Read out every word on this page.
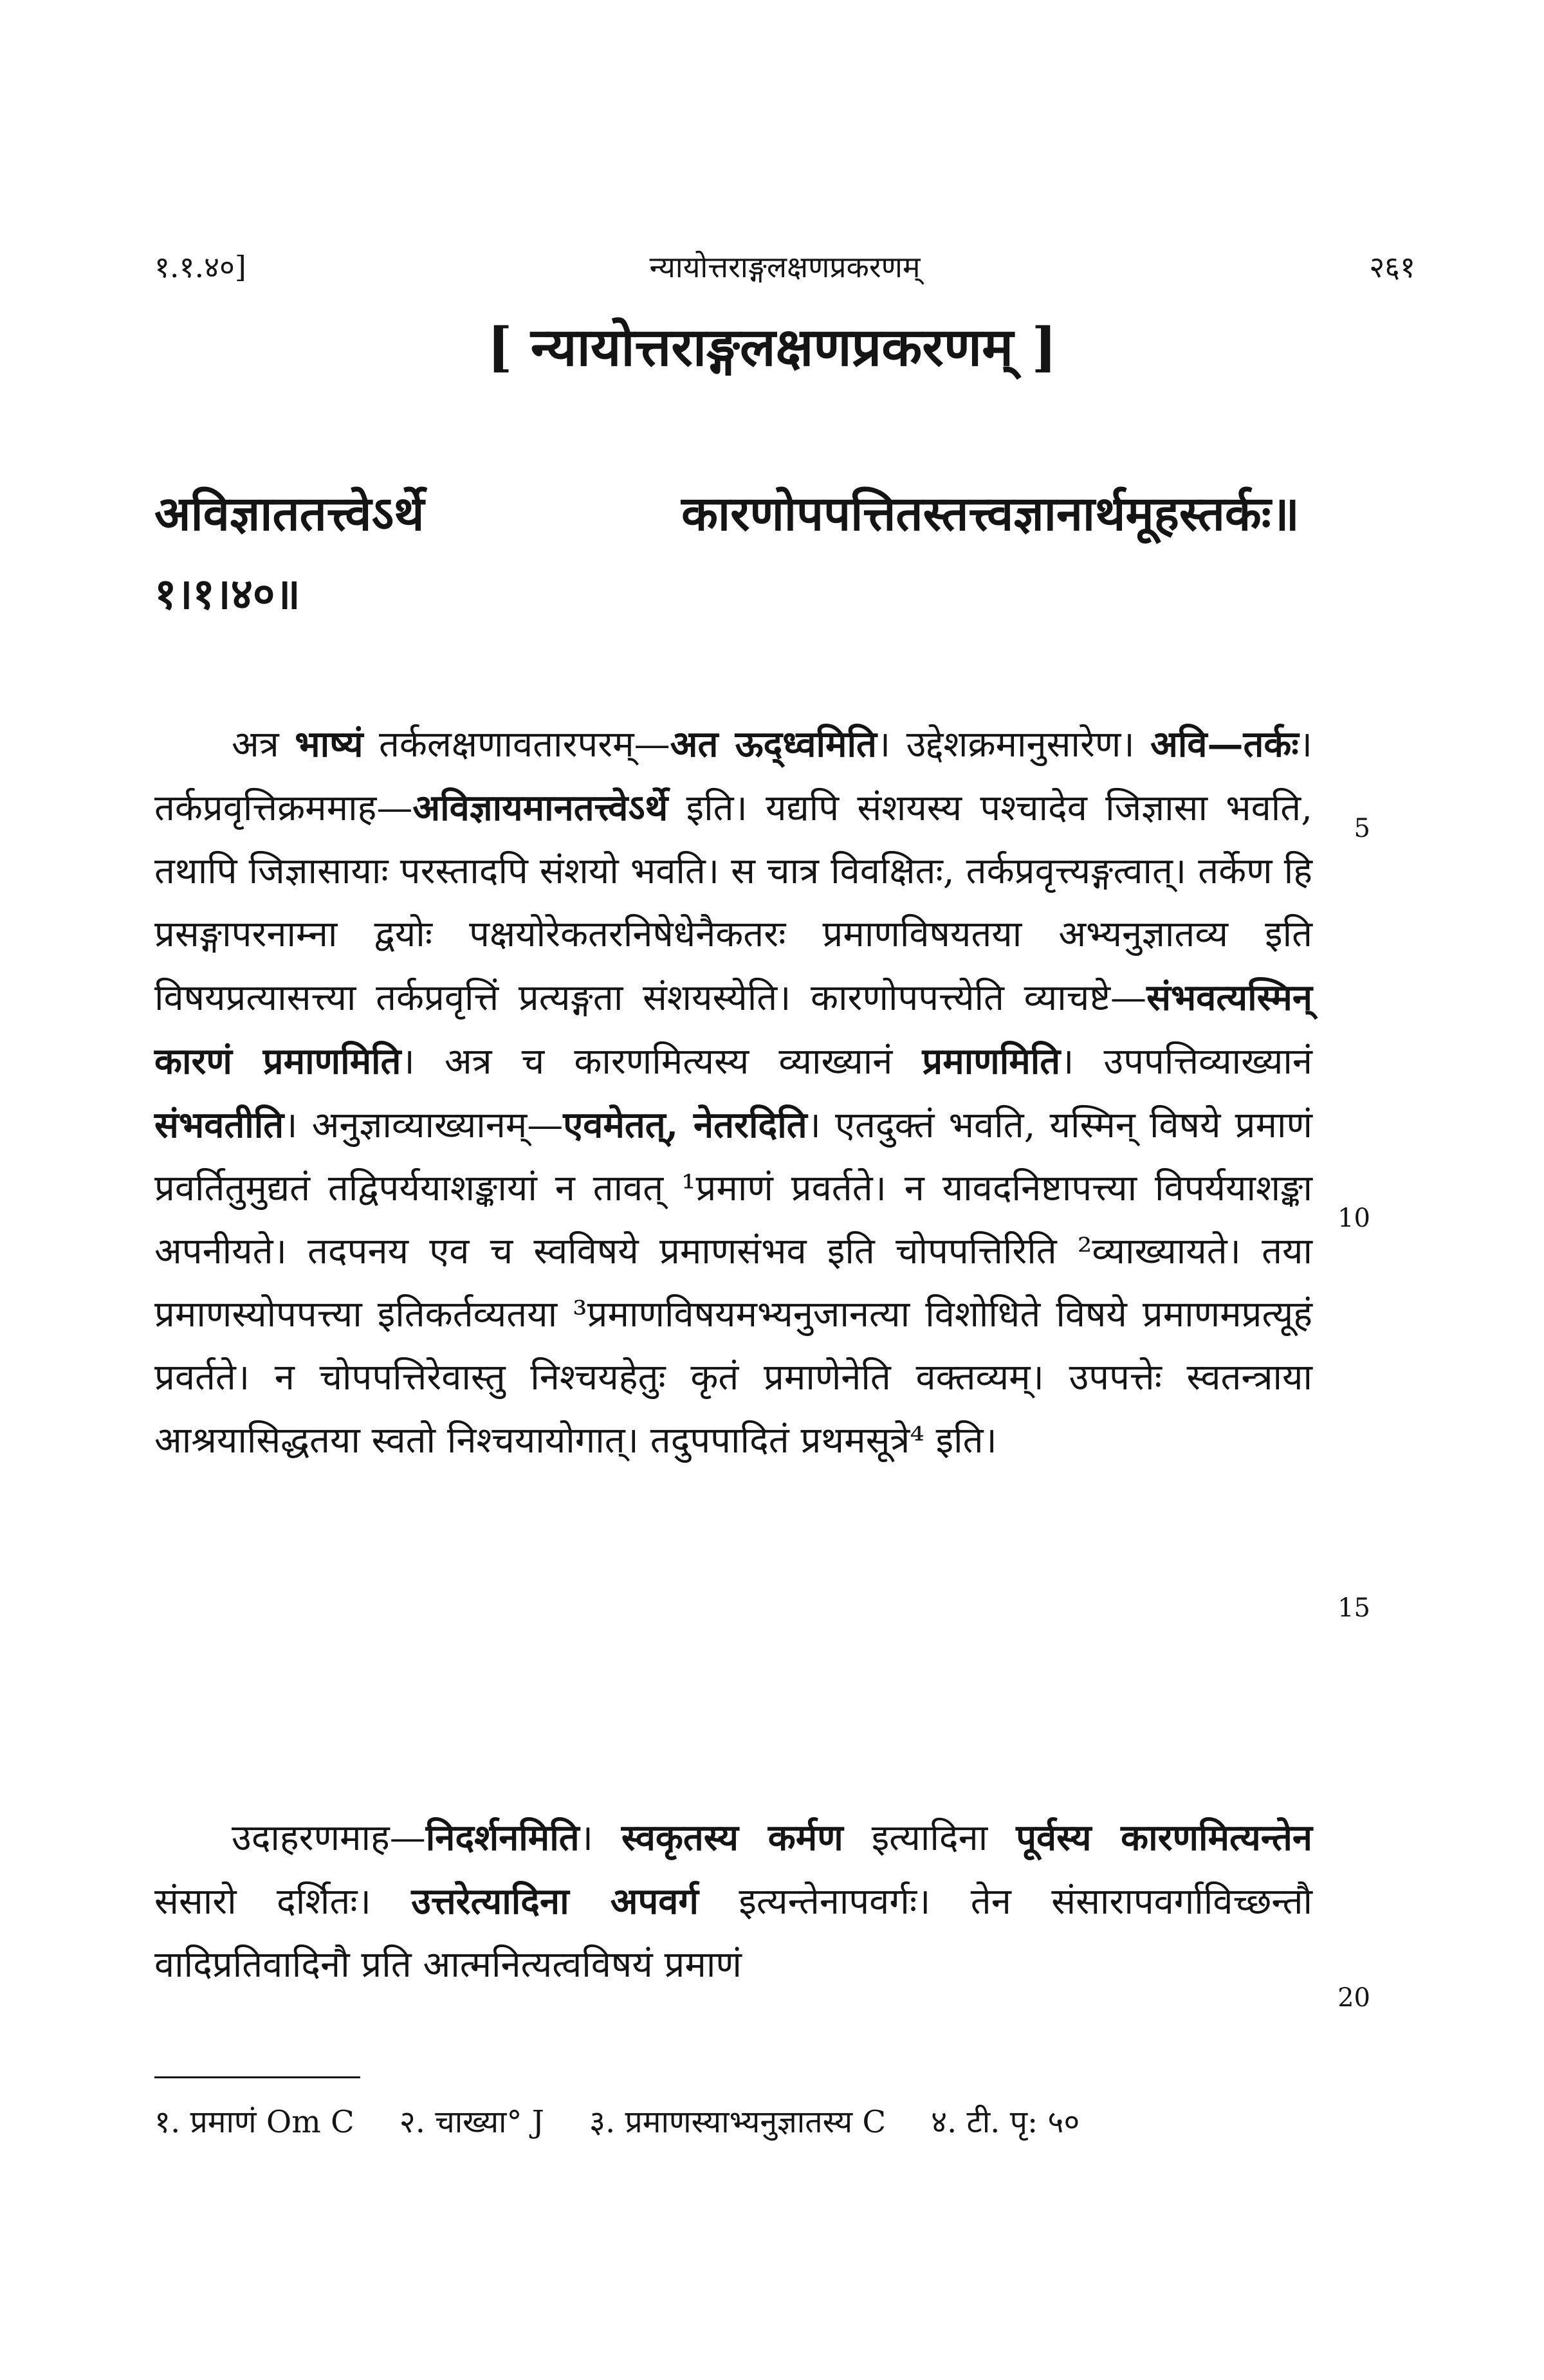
१.१.४०]	न्यायोत्तराङ्गलक्षणप्रकरणम्	२६१
[ न्यायोत्तराङ्गलक्षणप्रकरणम् ]
अविज्ञाततत्त्वेऽर्थे कारणोपपत्तितस्तत्त्वज्ञानार्थमूहस्तर्कः॥
१।१।४०॥
अत्र भाष्यं तर्कलक्षणावतारपरम्—अत ऊद्ध्वमिति। उद्देशक्रमानुसारेण। अवि—तर्कः।तर्कप्रवृत्तिक्रममाह—अविज्ञायमानतत्त्वेऽर्थे इति। यद्यपि संशयस्य पश्चादेव जिज्ञासा भवति, तथापि जिज्ञासायाः परस्तादपि संशयो भवति। स चात्र विवक्षितः, तर्कप्रवृत्त्यङ्गत्वात्। तर्केण हि प्रसङ्गापरनाम्ना द्वयोः पक्षयोरेकतरनिषेधेनैकतरः प्रमाणविषयतया अभ्यनुज्ञातव्य इति विषयप्रत्यासत्त्या तर्कप्रवृत्तिं प्रत्यङ्गता संशयस्येति। कारणोपपत्त्येति व्याचष्टे—संभवत्यस्मिन् कारणं प्रमाणमिति। अत्र च कारणमित्यस्य व्याख्यानं प्रमाणमिति। उपपत्तिव्याख्यानं संभवतीति। अनुज्ञाव्याख्यानम्—एवमेतत्, नेतरदिति। एतदुक्तं भवति, यस्मिन् विषये प्रमाणं प्रवर्तितुमुद्यतं तद्विपर्ययाशङ्कायां न तावत् ¹प्रमाणं प्रवर्तते। न यावदनिष्टापत्त्या विपर्ययाशङ्का अपनीयते। तदपनय एव च स्वविषये प्रमाणसंभव इति चोपपत्तिरिति ²व्याख्यायते। तया प्रमाणस्योपपत्त्या इतिकर्तव्यतया ³प्रमाणविषयमभ्यनुजानत्या विशोधिते विषये प्रमाणमप्रत्यूहं प्रवर्तते। न चोपपत्तिरेवास्तु निश्चयहेतुः कृतं प्रमाणेनेति वक्तव्यम्। उपपत्तेः स्वतन्त्राया आश्रयासिद्धतया स्वतो निश्चयायोगात्। तदुपपादितं प्रथमसूत्रे⁴ इति।
उदाहरणमाह—निदर्शनमिति। स्वकृतस्य कर्मण इत्यादिना पूर्वस्य कारणमित्यन्तेन संसारो दर्शितः। उत्तरेत्यादिना अपवर्ग इत्यन्तेनापवर्गः। तेन संसारापवर्गाविच्छन्तौ वादिप्रतिवादिनौ प्रति आत्मनित्यत्वविषयं प्रमाणं
5
10
15
20
१. प्रमाणं Om C २. चाख्या° J ३. प्रमाणस्याभ्यनुज्ञातस्य C ४. टी. पृ: ५०
